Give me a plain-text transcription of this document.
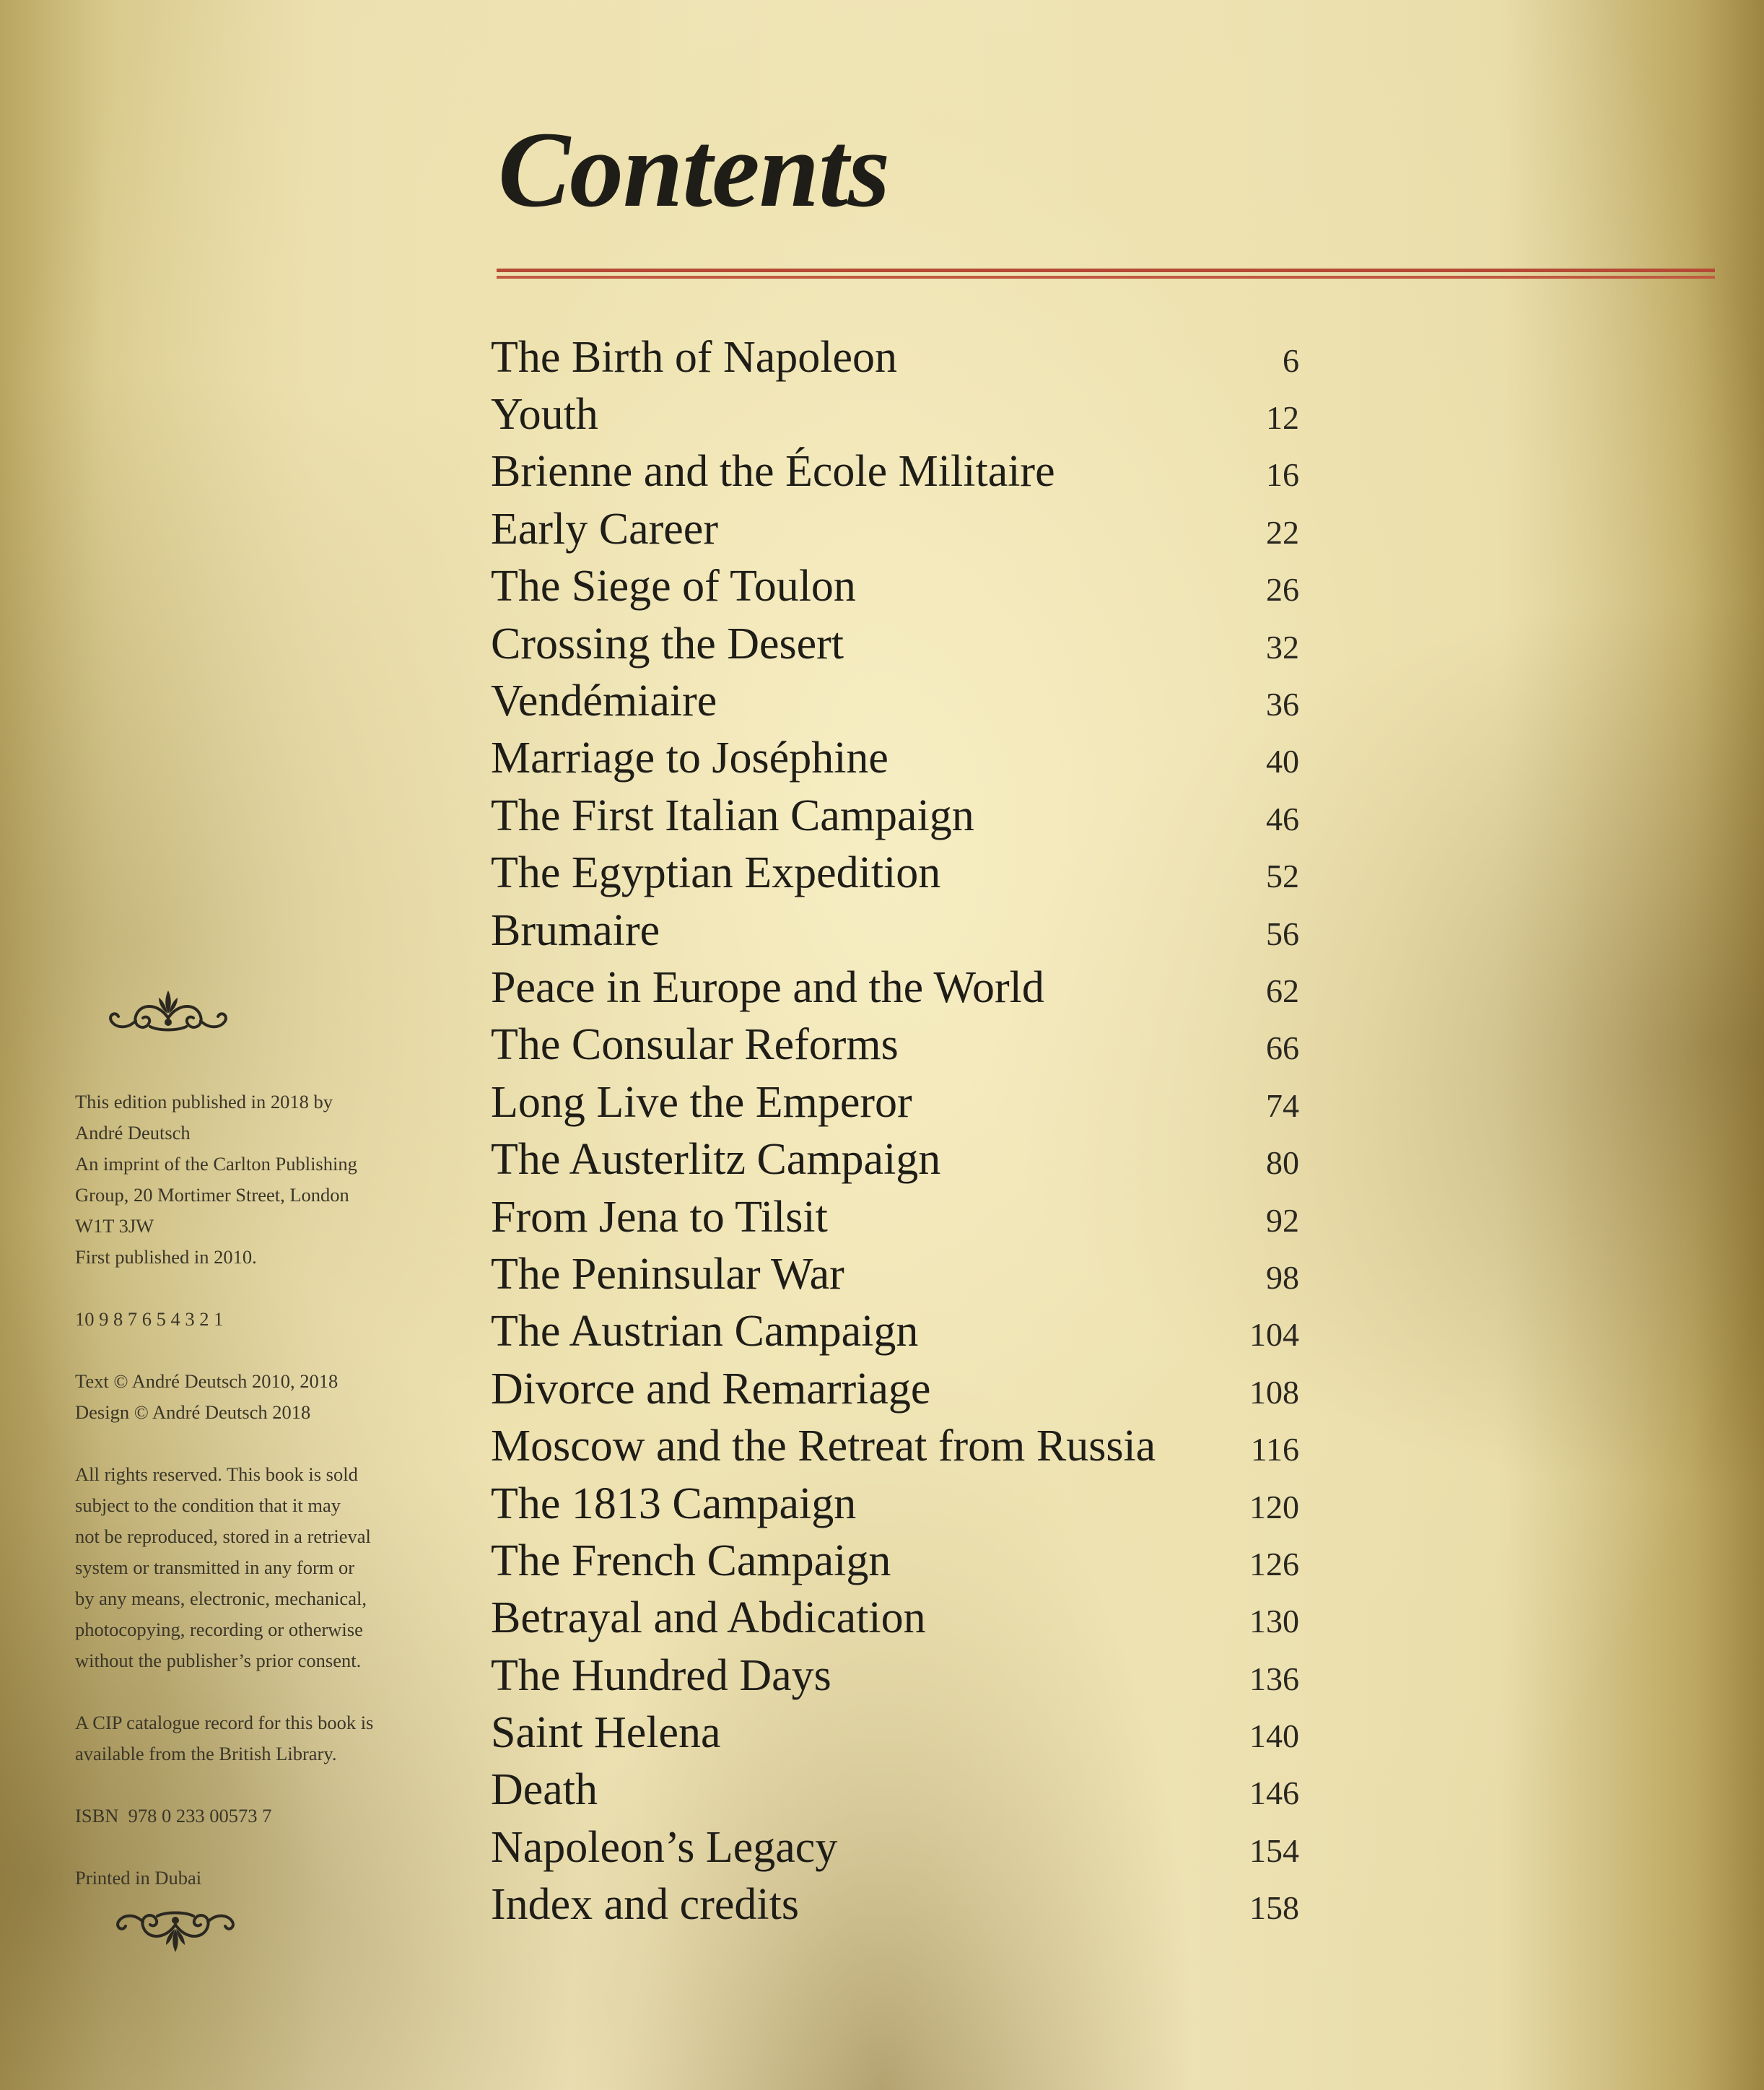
Contents
The Birth of Napoleon	6
Youth	12
Brienne and the École Militaire	16
Early Career	22
The Siege of Toulon	26
Crossing the Desert	32
Vendémiaire	36
Marriage to Joséphine	40
The First Italian Campaign	46
The Egyptian Expedition	52
Brumaire	56
Peace in Europe and the World	62
The Consular Reforms	66
Long Live the Emperor	74
The Austerlitz Campaign	80
From Jena to Tilsit	92
The Peninsular War	98
The Austrian Campaign	104
Divorce and Remarriage	108
Moscow and the Retreat from Russia	116
The 1813 Campaign	120
The French Campaign	126
Betrayal and Abdication	130
The Hundred Days	136
Saint Helena	140
Death	146
Napoleon’s Legacy	154
Index and credits	158

This edition published in 2018 by
André Deutsch
An imprint of the Carlton Publishing
Group, 20 Mortimer Street, London
W1T 3JW
First published in 2010.

10 9 8 7 6 5 4 3 2 1

Text © André Deutsch 2010, 2018
Design © André Deutsch 2018

All rights reserved. This book is sold
subject to the condition that it may
not be reproduced, stored in a retrieval
system or transmitted in any form or
by any means, electronic, mechanical,
photocopying, recording or otherwise
without the publisher’s prior consent.

A CIP catalogue record for this book is
available from the British Library.

ISBN  978 0 233 00573 7

Printed in Dubai
